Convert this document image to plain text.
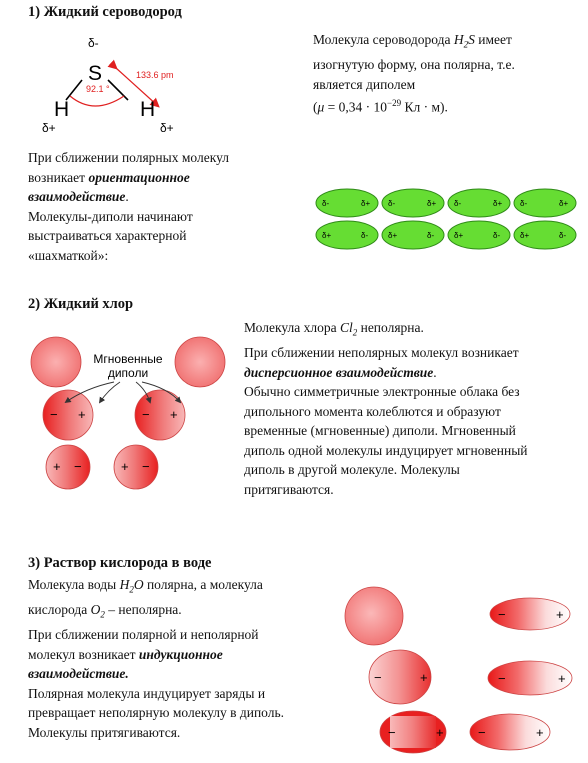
1) Жидкий сероводород
S
H	H
δ-
δ+	δ+
92.1 °
133.6 pm
Молекула сероводорода $H_2S$ имеет
изогнутую форму, она полярна, т.е.
является диполем
($\mu = 0,34 \cdot 10^{-29}$ Кл · м).
При сближении полярных молекул
возникает ориентационное
взаимодействие.
Молекулы-диполи начинают
выстраиваться характерной
«шахматкой»:
δ-	δ+ δ-	δ+ δ-	δ+ δ-	δ+
δ+	δ- δ+	δ- δ+	δ- δ+	δ-
2) Жидкий хлор
Мгновенные
диполи
− +	− +
+ −	+ −
Молекула хлора $Cl_2$ неполярна.
При сближении неполярных молекул возникает
дисперсионное взаимодействие.
Обычно симметричные электронные облака без
дипольного момента колеблются и образуют
временные (мгновенные) диполи. Мгновенный
диполь одной молекулы индуцирует мгновенный
диполь в другой молекуле. Молекулы
притягиваются.
3) Раствор кислорода в воде
Молекула воды $H_2O$ полярна, а молекула
кислорода $O_2$ – неполярна.
При сближении полярной и неполярной
молекул возникает индукционное
взаимодействие.
Полярная молекула индуцирует заряды и
превращает неполярную молекулу в диполь.
Молекулы притягиваются.
−	+
−	+	−	+
−	+	−	+
